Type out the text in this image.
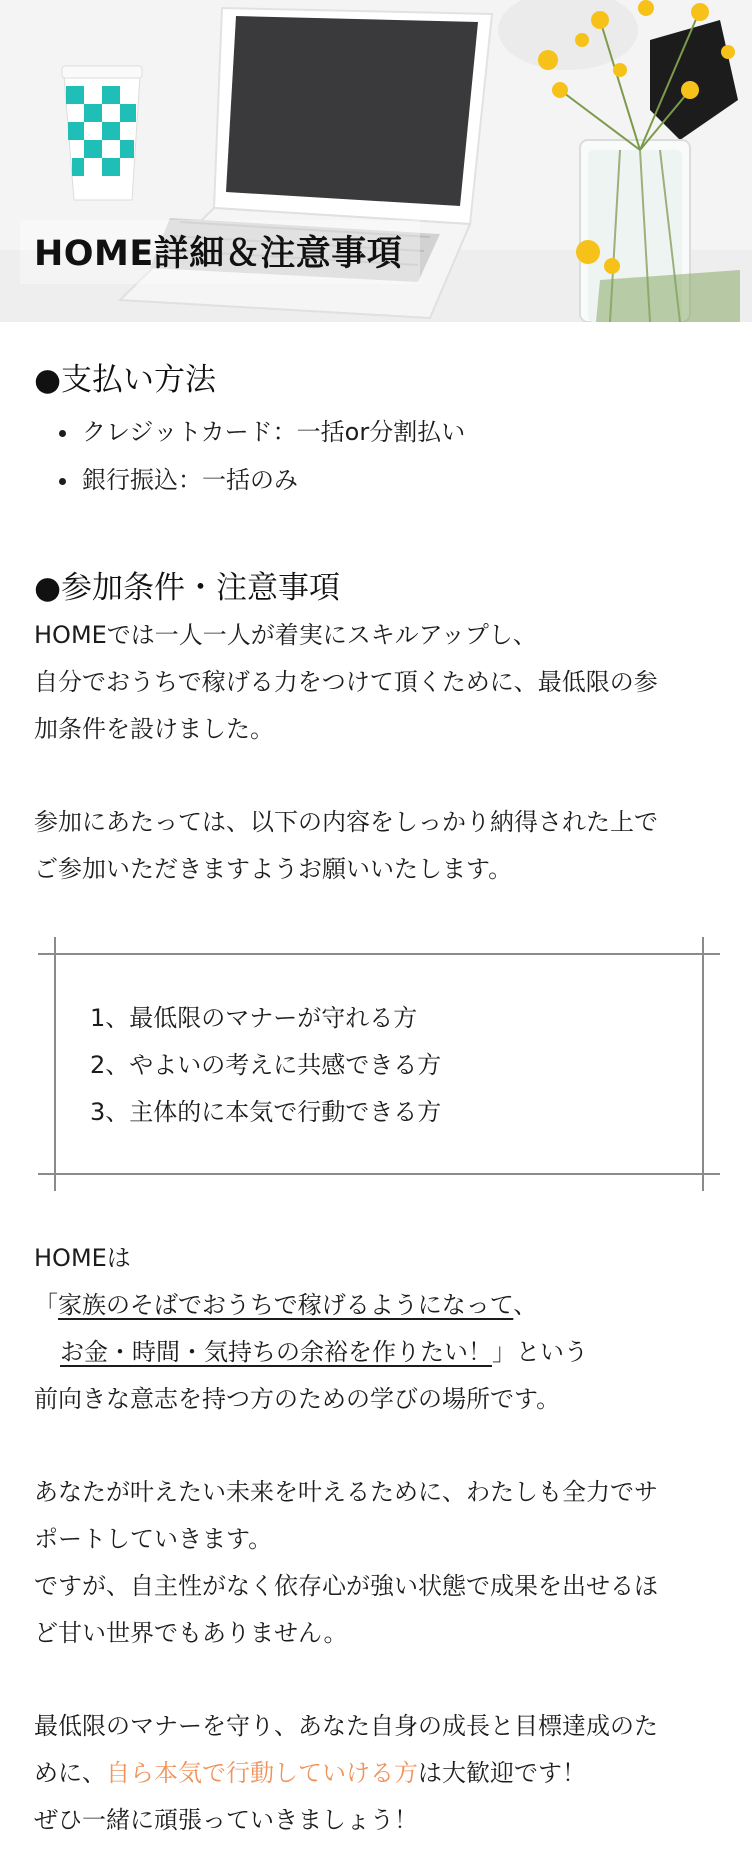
HOME詳細＆注意事項
●支払い方法
• クレジットカード：一括or分割払い
• 銀行振込：一括のみ
●参加条件・注意事項

HOMEでは一人一人が着実にスキルアップし、
自分でおうちで稼げる力をつけて頂くために、最低限の参
加条件を設けました。

参加にあたっては、以下の内容をしっかり納得された上で
ご参加いただきますようお願いいたします。

1、最低限のマナーが守れる方
2、やよいの考えに共感できる方
3、主体的に本気で行動できる方
HOMEは
「家族のそばでおうちで稼げるようになって、
お金・時間・気持ちの余裕を作りたい！」という
前向きな意志を持つ方のための学びの場所です。

あなたが叶えたい未来を叶えるために、わたしも全力でサ
ポートしていきます。
ですが、自主性がなく依存心が強い状態で成果を出せるほ
ど甘い世界でもありません。

最低限のマナーを守り、あなた自身の成長と目標達成のた
めに、自ら本気で行動していける方は大歓迎です！
ぜひ一緒に頑張っていきましょう！
